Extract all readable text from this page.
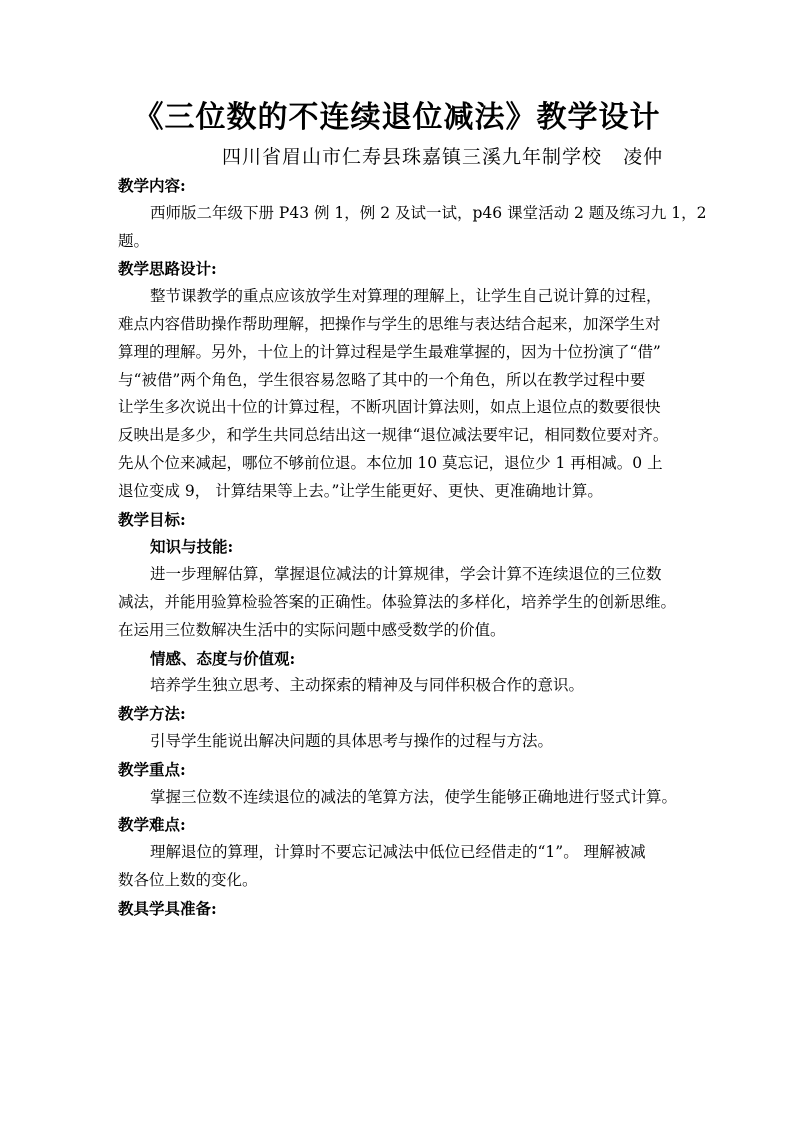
《三位数的不连续退位减法》教学设计
四川省眉山市仁寿县珠嘉镇三溪九年制学校   凌仲
教学内容:
西师版二年级下册 P43 例 1，例 2 及试一试，p46 课堂活动 2 题及练习九 1，2
题。
教学思路设计:
整节课教学的重点应该放学生对算理的理解上，让学生自己说计算的过程，
难点内容借助操作帮助理解，把操作与学生的思维与表达结合起来，加深学生对
算理的理解。另外，十位上的计算过程是学生最难掌握的，因为十位扮演了“借”
与“被借”两个角色，学生很容易忽略了其中的一个角色，所以在教学过程中要
让学生多次说出十位的计算过程，不断巩固计算法则，如点上退位点的数要很快
反映出是多少，和学生共同总结出这一规律“退位减法要牢记，相同数位要对齐。
先从个位来减起，哪位不够前位退。本位加 10 莫忘记，退位少 1 再相减。0 上
退位变成 9， 计算结果等上去。”让学生能更好、更快、更准确地计算。
教学目标:
知识与技能:
进一步理解估算，掌握退位减法的计算规律，学会计算不连续退位的三位数
减法，并能用验算检验答案的正确性。体验算法的多样化，培养学生的创新思维。
在运用三位数解决生活中的实际问题中感受数学的价值。
情感、态度与价值观:
培养学生独立思考、主动探索的精神及与同伴积极合作的意识。
教学方法:
引导学生能说出解决问题的具体思考与操作的过程与方法。
教学重点:
掌握三位数不连续退位的减法的笔算方法，使学生能够正确地进行竖式计算。
教学难点:
理解退位的算理，计算时不要忘记减法中低位已经借走的“1”。 理解被减
数各位上数的变化。
教具学具准备:
